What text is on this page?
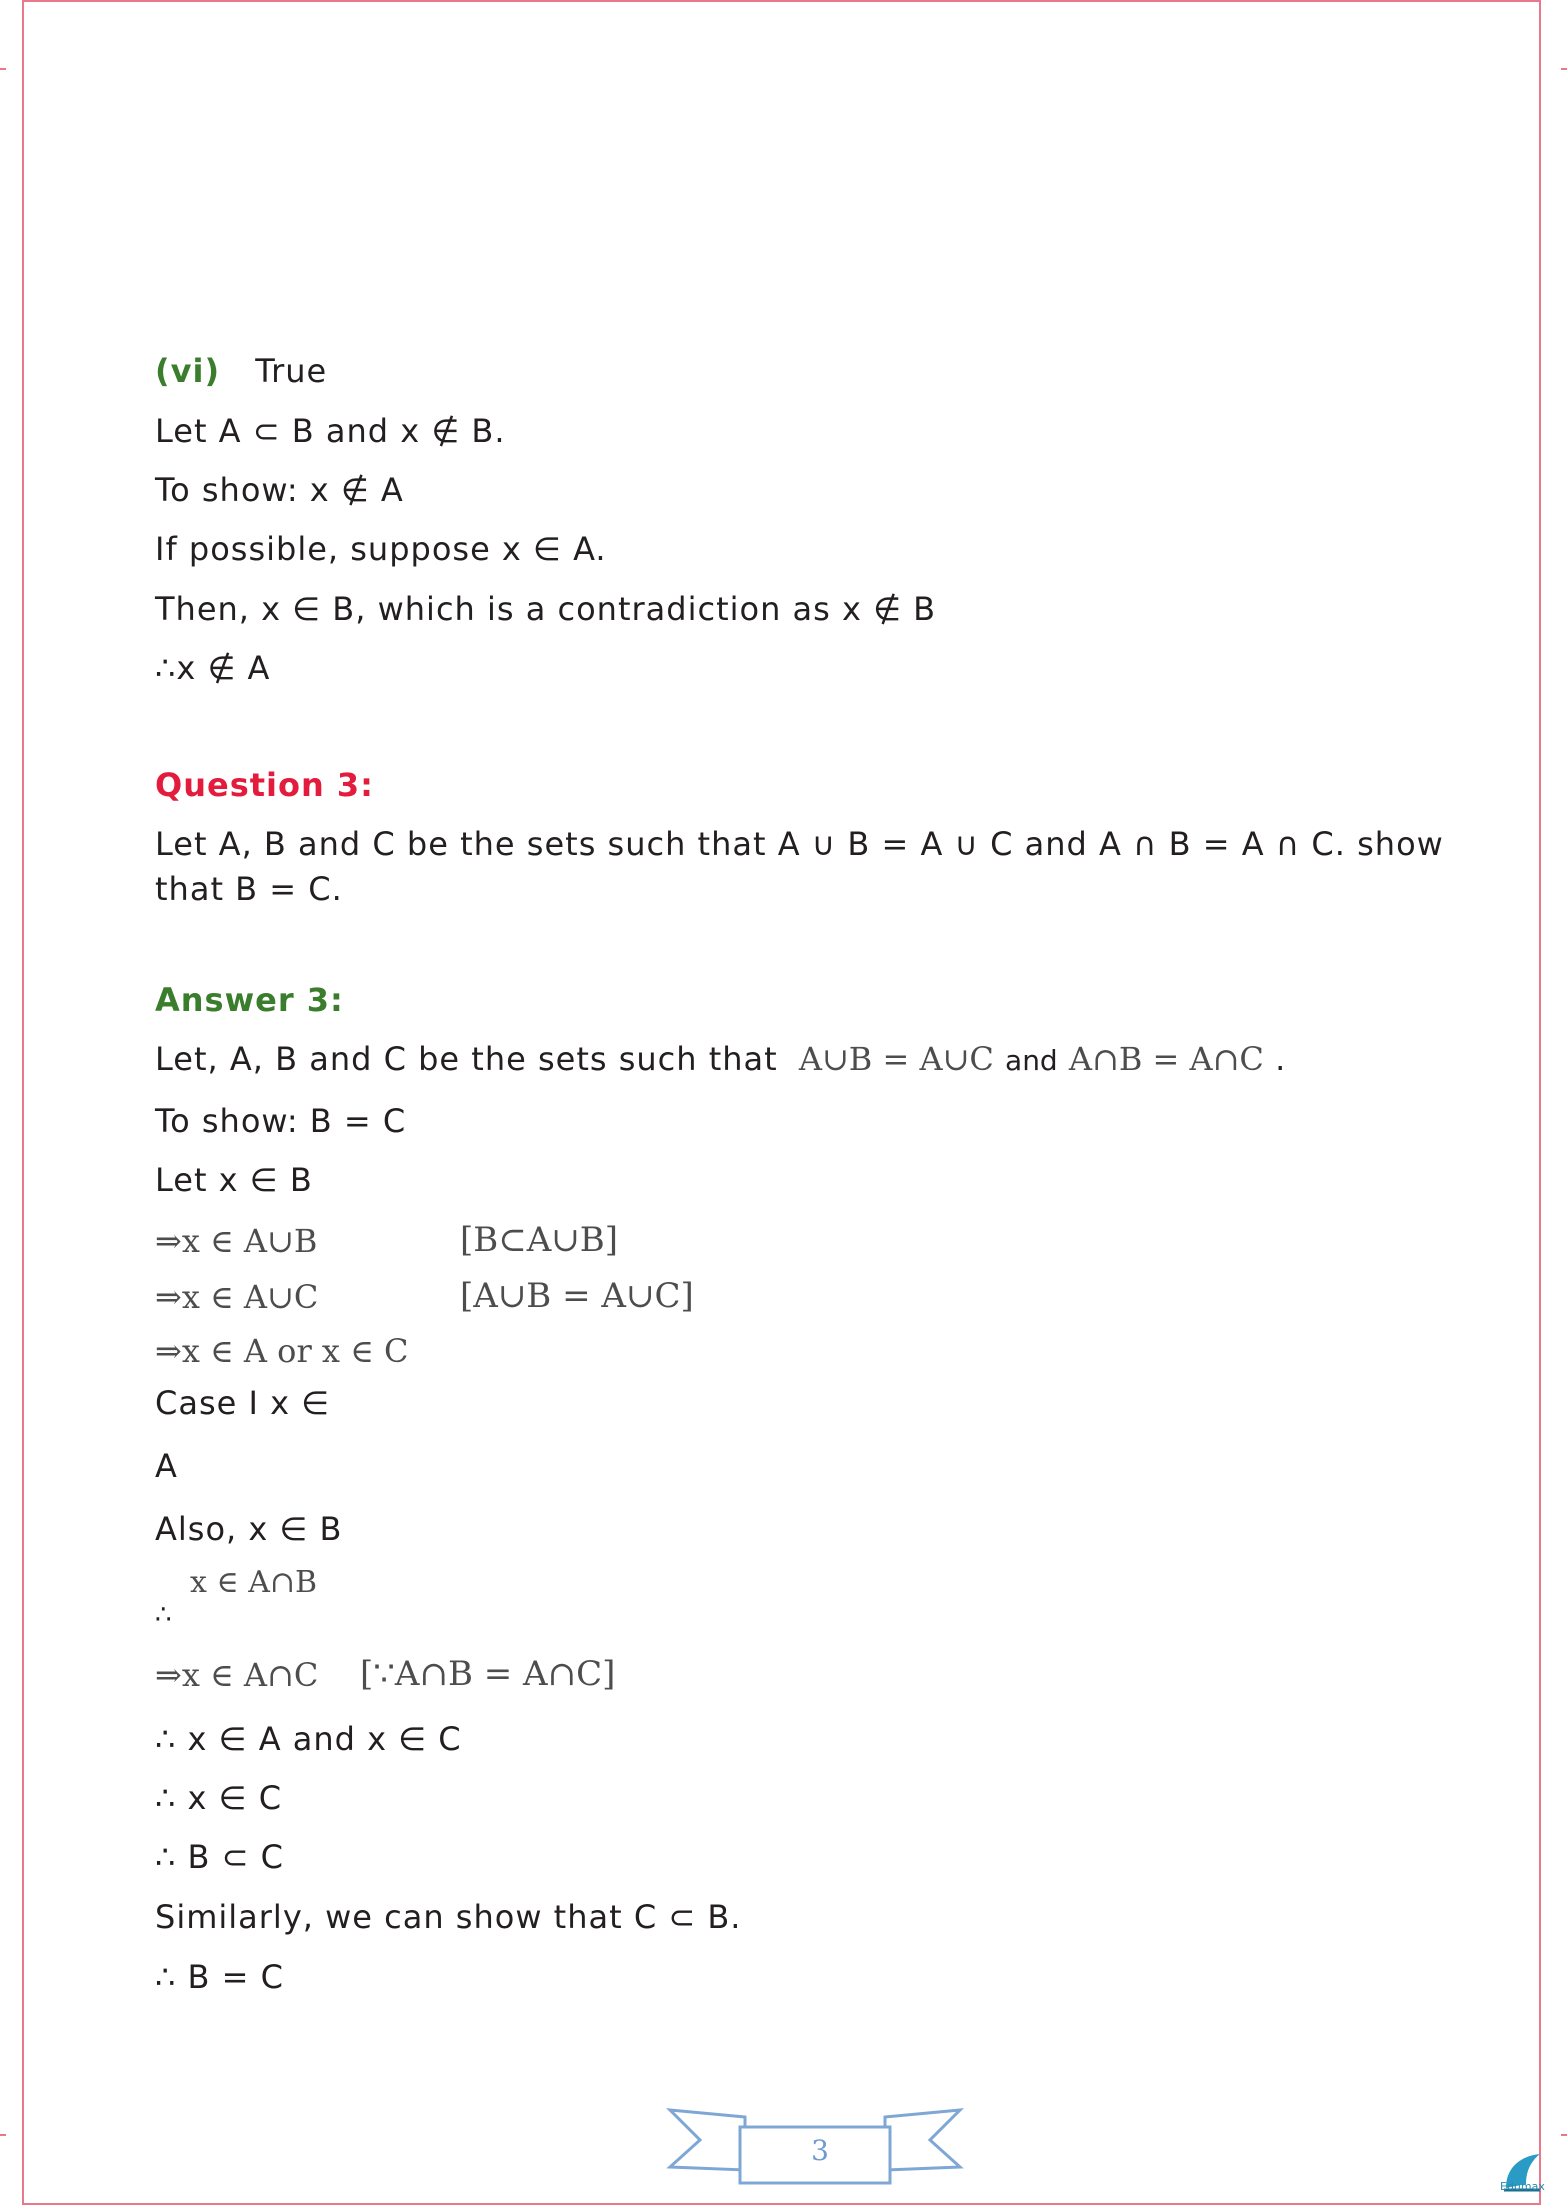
(vi) True
Let A ⊂ B and x ∉ B.
To show: x ∉ A
If possible, suppose x ∈ A.
Then, x ∈ B, which is a contradiction as x ∉ B
∴x ∉ A
Question 3:
Let A, B and C be the sets such that A ∪ B = A ∪ C and A ∩ B = A ∩ C. show that B = C.
Answer 3:
Let, A, B and C be the sets such that A∪B = A∪C and A∩B = A∩C .
To show: B = C
Let x ∈ B
⇒x ∈ A∪B	[B⊂A∪B]
⇒x ∈ A∪C	[A∪B = A∪C]
⇒x ∈ A or x ∈ C
Case I x ∈
A
Also, x ∈ B
x ∈ A∩B
∴
⇒x ∈ A∩C [∵A∩B = A∩C]
∴ x ∈ A and x ∈ C
∴ x ∈ C
∴ B ⊂ C
Similarly, we can show that C ⊂ B.
∴ B = C
3
Edumax
